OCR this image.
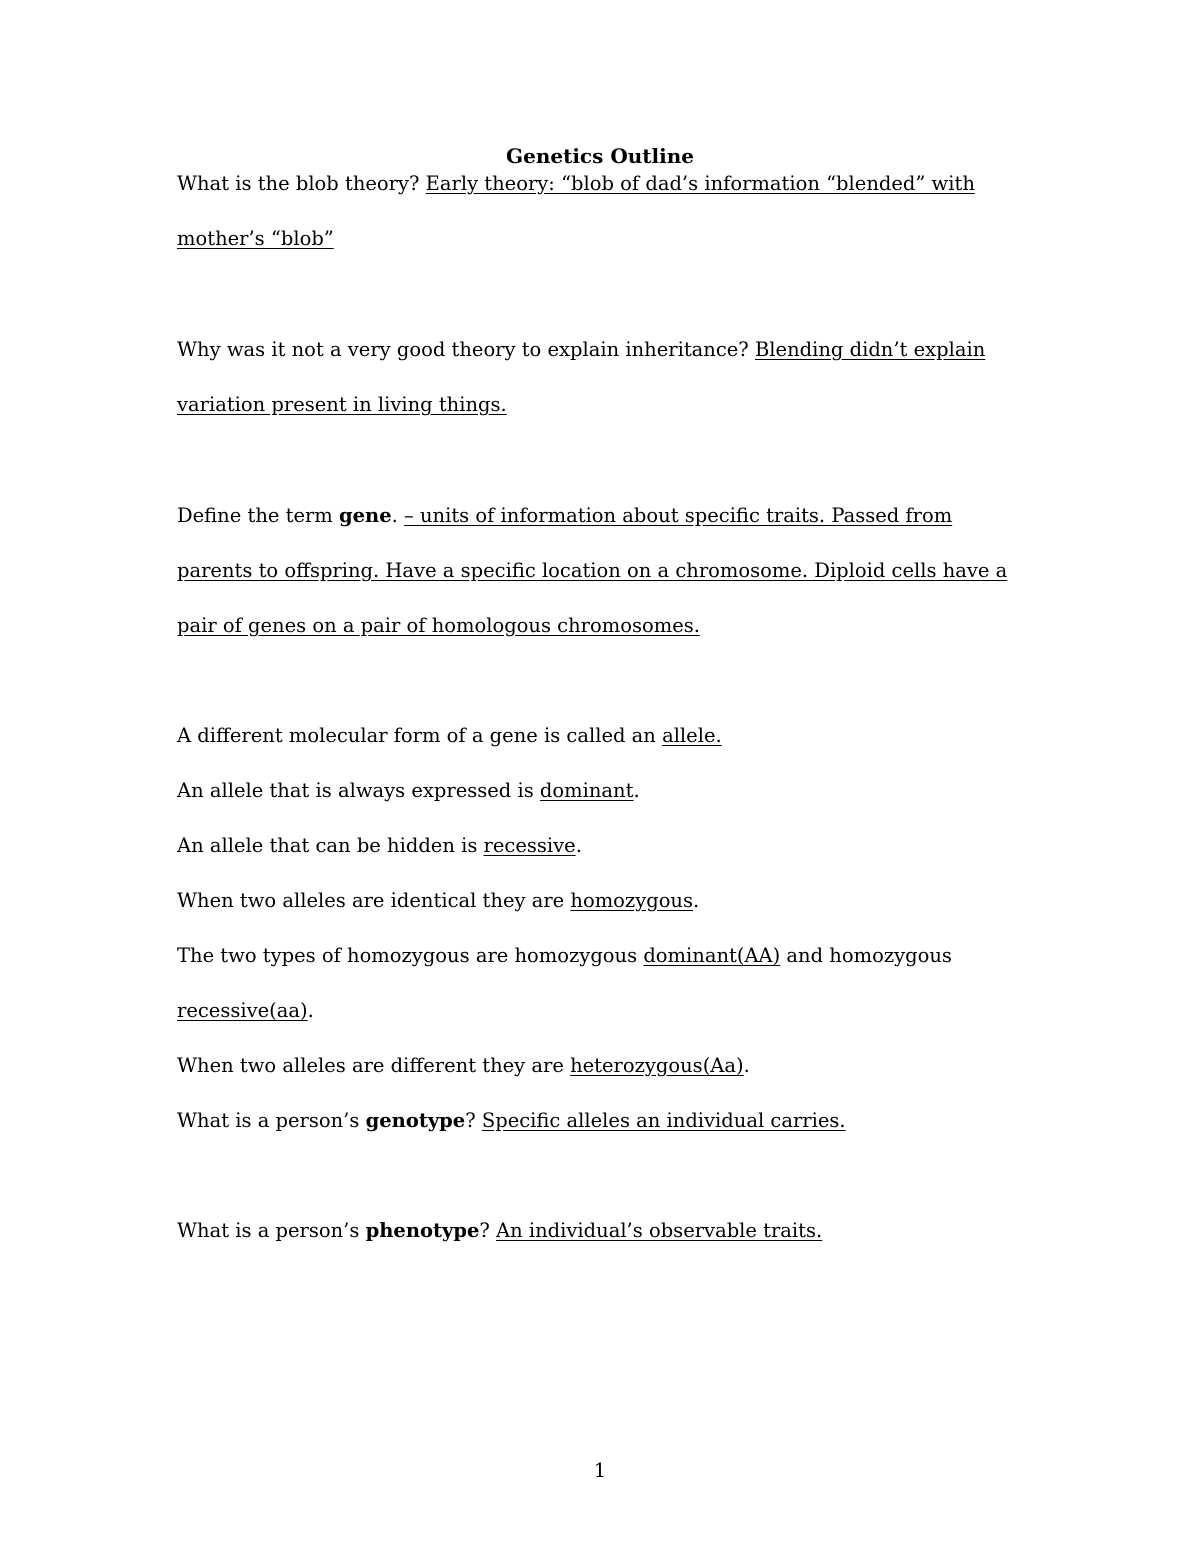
Genetics Outline

What is the blob theory? Early theory: “blob of dad’s information “blended” with

mother’s “blob”

Why was it not a very good theory to explain inheritance? Blending didn’t explain

variation present in living things.

Define the term gene. – units of information about specific traits. Passed from

parents to offspring. Have a specific location on a chromosome. Diploid cells have a

pair of genes on a pair of homologous chromosomes.

A different molecular form of a gene is called an allele.

An allele that is always expressed is dominant.

An allele that can be hidden is recessive.

When two alleles are identical they are homozygous.

The two types of homozygous are homozygous dominant(AA) and homozygous

recessive(aa).

When two alleles are different they are heterozygous(Aa).

What is a person’s genotype? Specific alleles an individual carries.

What is a person’s phenotype? An individual’s observable traits.

1
